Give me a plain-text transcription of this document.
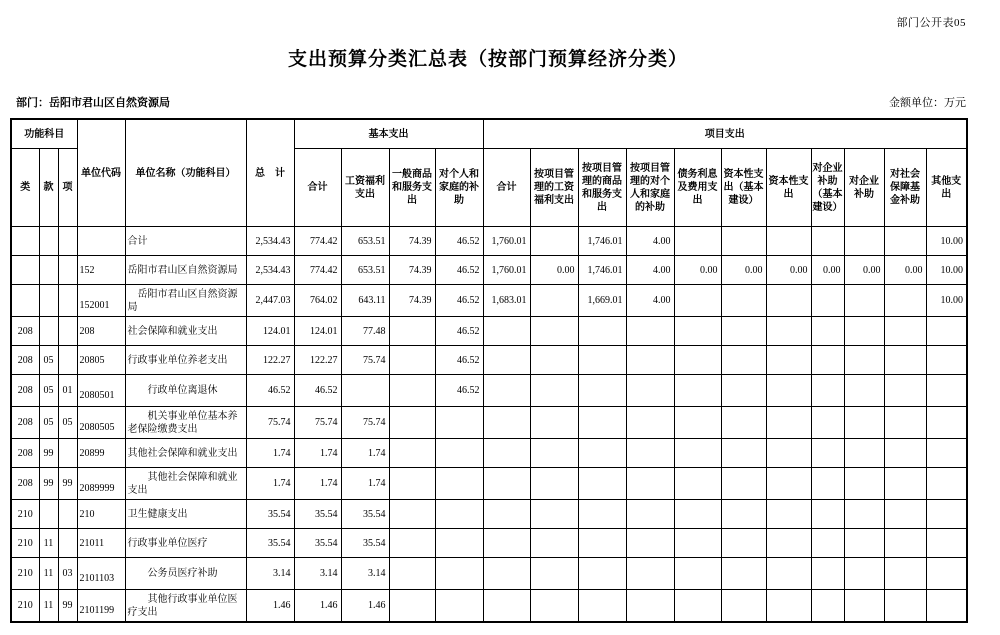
部门公开表05
支出预算分类汇总表（按部门预算经济分类）
部门：岳阳市君山区自然资源局	金额单位：万元
功能科目			单位代码	单位名称（功能科目）	总　计	基本支出				项目支出										
类	款	项				合计	工资福利支出	一般商品和服务支出	对个人和家庭的补助	合计	按项目管理的工资福利支出	按项目管理的商品和服务支出	按项目管理的对个人和家庭的补助	债务利息及费用支出	资本性支出（基本建设）	资本性支出	对企业补助（基本建设）	对企业补助	对社会保障基金补助	其他支出
				合计	2,534.43	774.42	653.51	74.39	46.52	1,760.01		1,746.01	4.00							10.00
			152	岳阳市君山区自然资源局	2,534.43	774.42	653.51	74.39	46.52	1,760.01	0.00	1,746.01	4.00	0.00	0.00	0.00	0.00	0.00	0.00	10.00
			152001	　岳阳市君山区自然资源局	2,447.03	764.02	643.11	74.39	46.52	1,683.01		1,669.01	4.00							10.00
208			208	社会保障和就业支出	124.01	124.01	77.48		46.52											
208	05		20805	行政事业单位养老支出	122.27	122.27	75.74		46.52											
208	05	01	2080501	　　行政单位离退休	46.52	46.52			46.52											
208	05	05	2080505	　　机关事业单位基本养老保险缴费支出	75.74	75.74	75.74													
208	99		20899	其他社会保障和就业支出	1.74	1.74	1.74													
208	99	99	2089999	　　其他社会保障和就业支出	1.74	1.74	1.74													
210			210	卫生健康支出	35.54	35.54	35.54													
210	11		21011	行政事业单位医疗	35.54	35.54	35.54													
210	11	03	2101103	　　公务员医疗补助	3.14	3.14	3.14													
210	11	99	2101199	　　其他行政事业单位医疗支出	1.46	1.46	1.46													
